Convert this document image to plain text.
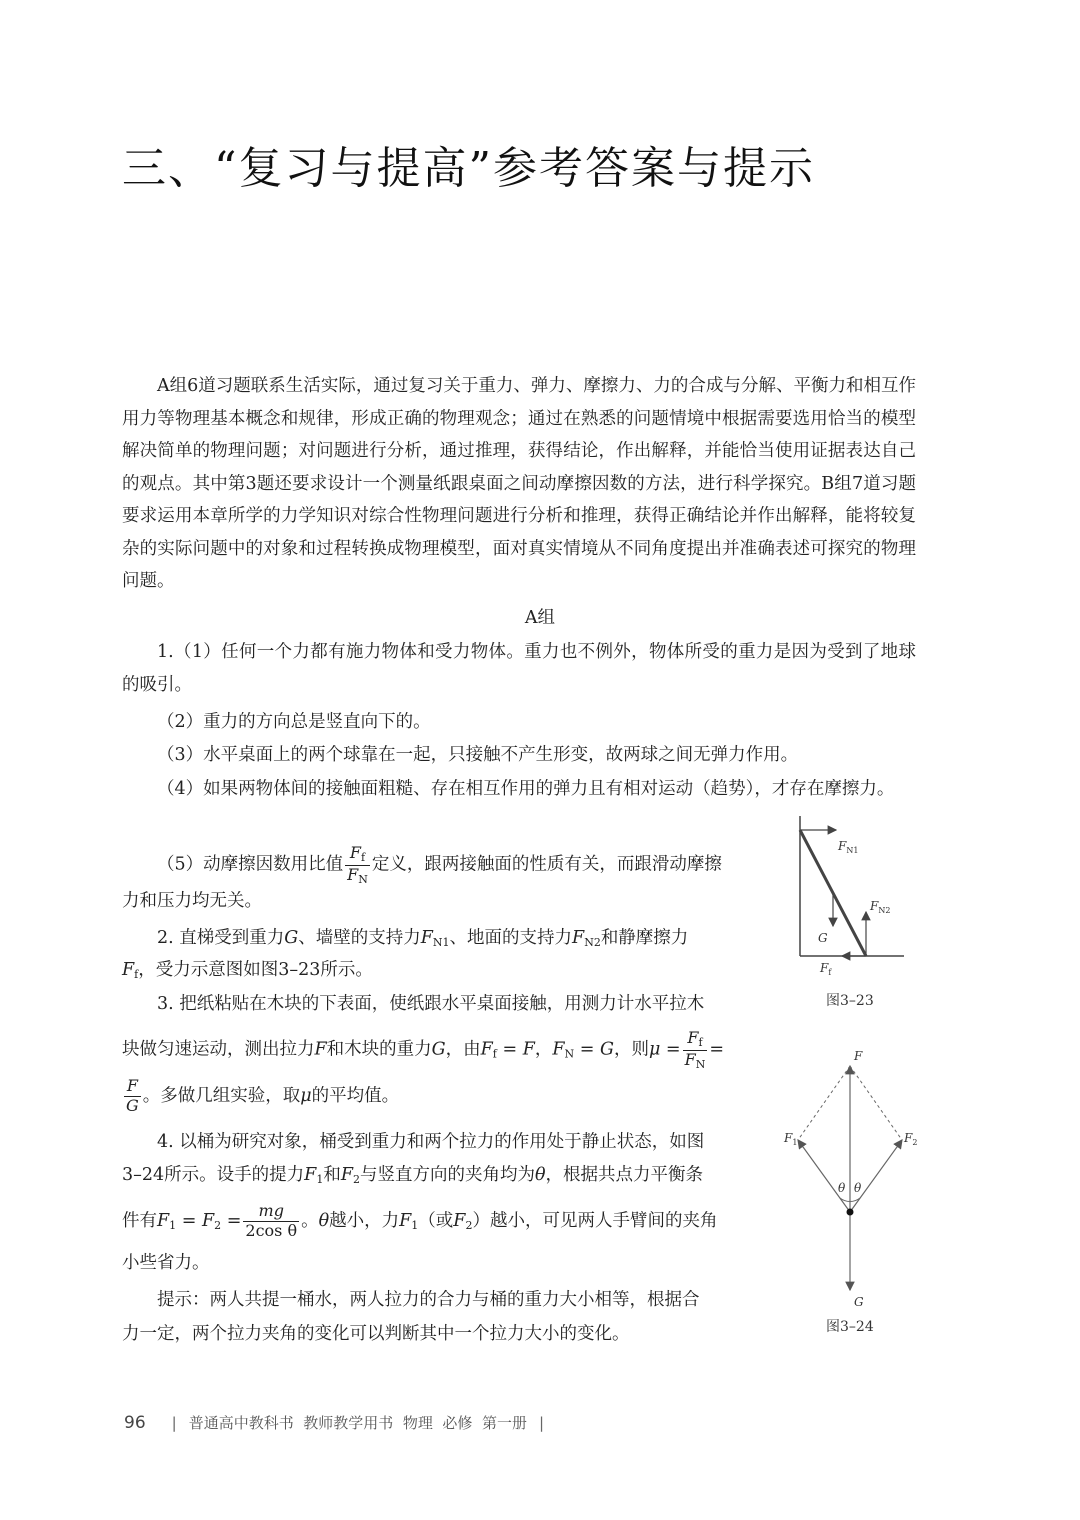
三、“复习与提高”参考答案与提示

A组6道习题联系生活实际，通过复习关于重力、弹力、摩擦力、力的合成与分解、平衡力和相互作用力等物理基本概念和规律，形成正确的物理观念；通过在熟悉的问题情境中根据需要选用恰当的模型解决简单的物理问题；对问题进行分析，通过推理，获得结论，作出解释，并能恰当使用证据表达自己的观点。其中第3题还要求设计一个测量纸跟桌面之间动摩擦因数的方法，进行科学探究。B组7道习题要求运用本章所学的力学知识对综合性物理问题进行分析和推理，获得正确结论并作出解释，能将较复杂的实际问题中的对象和过程转换成物理模型，面对真实情境从不同角度提出并准确表述可探究的物理问题。

A组

1.（1）任何一个力都有施力物体和受力物体。重力也不例外，物体所受的重力是因为受到了地球的吸引。

（2）重力的方向总是竖直向下的。

（3）水平桌面上的两个球靠在一起，只接触不产生形变，故两球之间无弹力作用。

（4）如果两物体间的接触面粗糙、存在相互作用的弹力且有相对运动（趋势），才存在摩擦力。

（5）动摩擦因数用比值 $\frac{F_f}{F_N}$ 定义，跟两接触面的性质有关，而跟滑动摩擦

力和压力均无关。

2. 直梯受到重力G、墙壁的支持力$F_{N1}$、地面的支持力$F_{N2}$和静摩擦力

$F_f$，受力示意图如图3–23所示。

3. 把纸粘贴在木块的下表面，使纸跟水平桌面接触，用测力计水平拉木

块做匀速运动，测出拉力F和木块的重力G，由$F_f = F$，$F_N = G$，则$\mu = \frac{F_f}{F_N}$ =

$\frac{F}{G}$ 。多做几组实验，取μ的平均值。

4. 以桶为研究对象，桶受到重力和两个拉力的作用处于静止状态，如图

3–24所示。设手的提力$F_1$和$F_2$与竖直方向的夹角均为θ，根据共点力平衡条

件有$F_1 = F_2 = \frac{mg}{\text{2cos θ}}$ 。θ越小，力$F_1$（或$F_2$）越小，可见两人手臂间的夹角

小些省力。

提示：两人共提一桶水，两人拉力的合力与桶的重力大小相等，根据合

力一定，两个拉力夹角的变化可以判断其中一个拉力大小的变化。

$F_{N1}$
$F_{N2}$
G
$F_f$

图3–23

F
$F_1$	$F_2$
θ θ
G

图3–24

96 | 普通高中教科书 教师教学用书 物理 必修 第一册 |
